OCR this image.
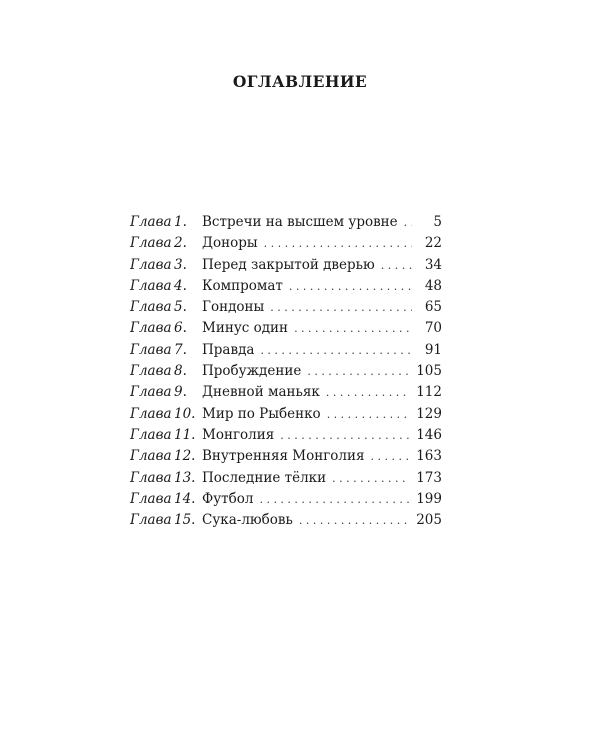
ОГЛАВЛЕНИЕ
Глава 1.	Встречи на высшем уровне . . .	5
Глава 2.	Доноры . . .	22
Глава 3.	Перед закрытой дверью . . .	34
Глава 4.	Компромат . . .	48
Глава 5.	Гондоны . . .	65
Глава 6.	Минус один . . .	70
Глава 7.	Правда . . .	91
Глава 8.	Пробуждение . . .	105
Глава 9.	Дневной маньяк . . .	112
Глава 10. Мир по Рыбенко . . .	129
Глава 11. Монголия . . .	146
Глава 12. Внутренняя Монголия . . .	163
Глава 13. Последние тёлки . . .	173
Глава 14. Футбол . . .	199
Глава 15. Сука-любовь . . .	205
